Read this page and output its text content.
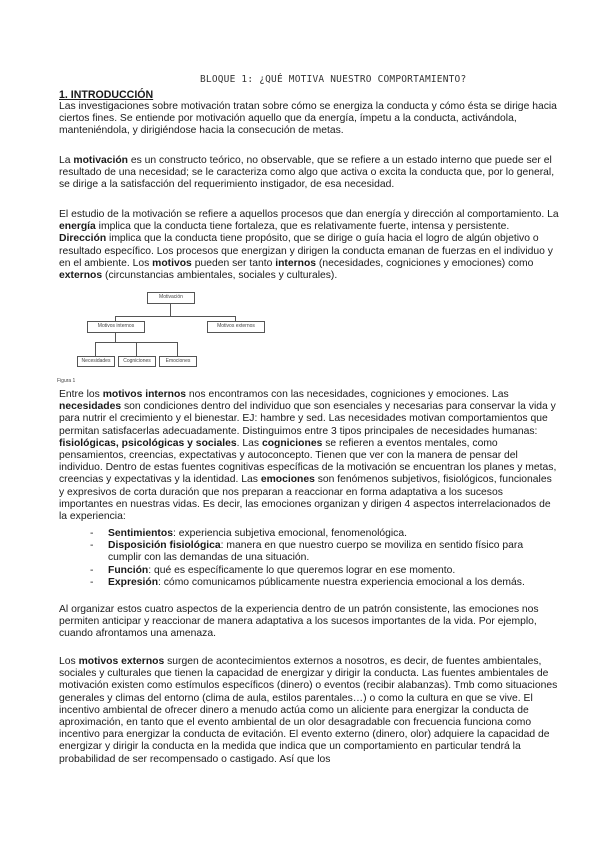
BLOQUE 1: ¿QUÉ MOTIVA NUESTRO COMPORTAMIENTO?
1. INTRODUCCIÓN

Las investigaciones sobre motivación tratan sobre cómo se energiza la conducta y cómo ésta se dirige hacia ciertos fines. Se entiende por motivación aquello que da energía, ímpetu a la conducta, activándola, manteniéndola, y dirigiéndose hacia la consecución de metas.

La motivación es un constructo teórico, no observable, que se refiere a un estado interno que puede ser el resultado de una necesidad; se le caracteriza como algo que activa o excita la conducta que, por lo general, se dirige a la satisfacción del requerimiento instigador, de esa necesidad.

El estudio de la motivación se refiere a aquellos procesos que dan energía y dirección al comportamiento. La energía implica que la conducta tiene fortaleza, que es relativamente fuerte, intensa y persistente. Dirección implica que la conducta tiene propósito, que se dirige o guía hacia el logro de algún objetivo o resultado específico. Los procesos que energizan y dirigen la conducta emanan de fuerzas en el individuo y en el ambiente. Los motivos pueden ser tanto internos (necesidades, cogniciones y emociones) como externos (circunstancias ambientales, sociales y culturales).

Motivación
Motivos internos	Motivos externos
Necesidades	Cogniciones	Emociones
Figura 1

Entre los motivos internos nos encontramos con las necesidades, cogniciones y emociones. Las necesidades son condiciones dentro del individuo que son esenciales y necesarias para conservar la vida y para nutrir el crecimiento y el bienestar. EJ: hambre y sed. Las necesidades motivan comportamientos que permitan satisfacerlas adecuadamente. Distinguimos entre 3 tipos principales de necesidades humanas: fisiológicas, psicológicas y sociales. Las cogniciones se refieren a eventos mentales, como pensamientos, creencias, expectativas y autoconcepto. Tienen que ver con la manera de pensar del individuo. Dentro de estas fuentes cognitivas específicas de la motivación se encuentran los planes y metas, creencias y expectativas y la identidad. Las emociones son fenómenos subjetivos, fisiológicos, funcionales y expresivos de corta duración que nos preparan a reaccionar en forma adaptativa a los sucesos importantes en nuestras vidas. Es decir, las emociones organizan y dirigen 4 aspectos interrelacionados de la experiencia:

- Sentimientos: experiencia subjetiva emocional, fenomenológica.
- Disposición fisiológica: manera en que nuestro cuerpo se moviliza en sentido físico para cumplir con las demandas de una situación.
- Función: qué es específicamente lo que queremos lograr en ese momento.
- Expresión: cómo comunicamos públicamente nuestra experiencia emocional a los demás.

Al organizar estos cuatro aspectos de la experiencia dentro de un patrón consistente, las emociones nos permiten anticipar y reaccionar de manera adaptativa a los sucesos importantes de la vida. Por ejemplo, cuando afrontamos una amenaza.

Los motivos externos surgen de acontecimientos externos a nosotros, es decir, de fuentes ambientales, sociales y culturales que tienen la capacidad de energizar y dirigir la conducta. Las fuentes ambientales de motivación existen como estímulos específicos (dinero) o eventos (recibir alabanzas). Tmb como situaciones generales y climas del entorno (clima de aula, estilos parentales…) o como la cultura en que se vive. El incentivo ambiental de ofrecer dinero a menudo actúa como un aliciente para energizar la conducta de aproximación, en tanto que el evento ambiental de un olor desagradable con frecuencia funciona como incentivo para energizar la conducta de evitación. El evento externo (dinero, olor) adquiere la capacidad de energizar y dirigir la conducta en la medida que indica que un comportamiento en particular tendrá la probabilidad de ser recompensado o castigado. Así que los
